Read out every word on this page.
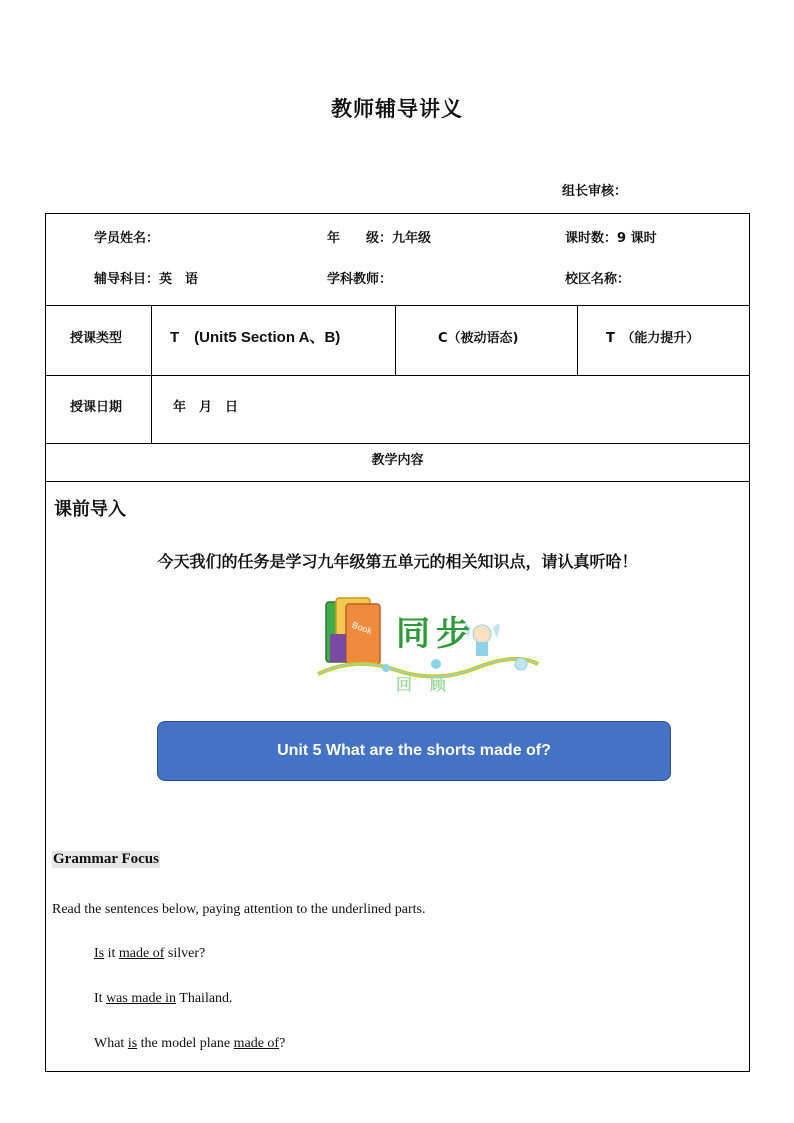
教师辅导讲义
组长审核：
学员姓名：	年　　级：九年级	课时数：9 课时
辅导科目：英　语	学科教师：	校区名称：
授课类型	T　(Unit5 Section A、B)	C（被动语态)	T　（能力提升）
授课日期	年　月　日
教学内容
课前导入
今天我们的任务是学习九年级第五单元的相关知识点，请认真听哈！
Book 同步
回顾
Unit 5 What are the shorts made of?
Grammar Focus
Read the sentences below, paying attention to the underlined parts.
Is it made of silver?
It was made in Thailand.
What is the model plane made of?
